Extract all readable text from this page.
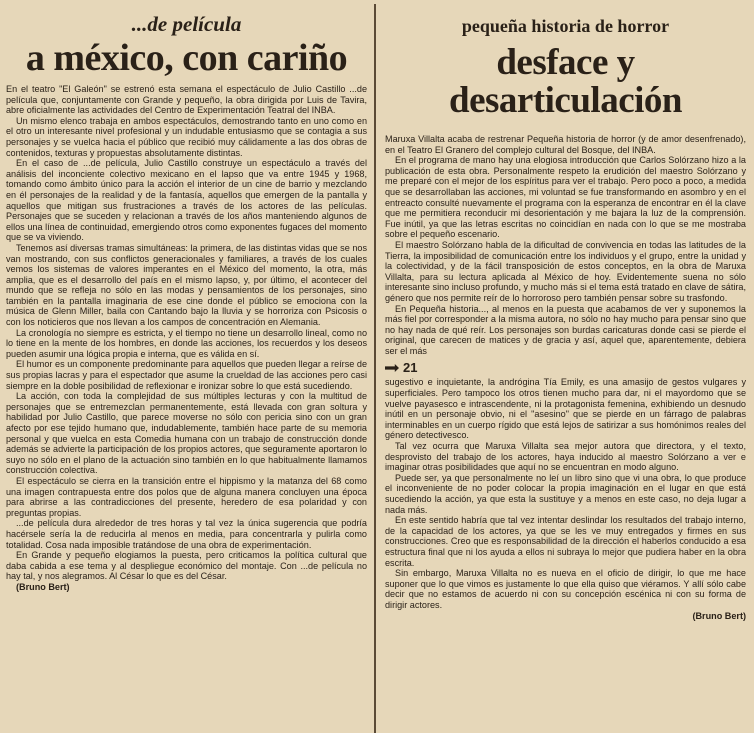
...de película
a méxico, con cariño

En el teatro "El Galeón" se estrenó esta semana el espectáculo de Julio Castillo ...de película que, conjuntamente con Grande y pequeño, la obra dirigida por Luis de Tavira, abre oficialmente las actividades del Centro de Experimentación Teatral del INBA.

Un mismo elenco trabaja en ambos espectáculos, demostrando tanto en uno como en el otro un interesante nivel profesional y un indudable entusiasmo que se contagia a sus personajes y se vuelca hacia el público que recibió muy cálidamente a las dos obras de contenidos, texturas y propuestas absolutamente distintas.

En el caso de ...de película, Julio Castillo construye un espectáculo a través del análisis del inconciente colectivo mexicano en el lapso que va entre 1945 y 1968, tomando como ámbito único para la acción el interior de un cine de barrio y mezclando en él personajes de la realidad y de la fantasía, aquellos que emergen de la pantalla y aquellos que mitigan sus frustraciones a través de los actores de las películas. Personajes que se suceden y relacionan a través de los años manteniendo algunos de ellos una línea de continuidad, emergiendo otros como exponentes fugaces del momento que se va viviendo.

Tenemos así diversas tramas simultáneas: la primera, de las distintas vidas que se nos van mostrando, con sus conflictos generacionales y familiares, a través de los cuales vemos los sistemas de valores imperantes en el México del momento, la otra, más amplia, que es el desarrollo del país en el mismo lapso, y, por último, el acontecer del mundo que se refleja no sólo en las modas y pensamientos de los personajes, sino también en la pantalla imaginaria de ese cine donde el público se emociona con la música de Glenn Miller, baila con Cantando bajo la lluvia y se horroriza con Psicosis o con los noticieros que nos llevan a los campos de concentración en Alemania.

La cronología no siempre es estricta, y el tiempo no tiene un desarrollo lineal, como no lo tiene en la mente de los hombres, en donde las acciones, los recuerdos y los deseos pueden asumir una lógica propia e interna, que es válida en sí.

El humor es un componente predominante para aquellos que pueden llegar a reírse de sus propias lacras y para el espectador que asume la crueldad de las acciones pero casi siempre en la doble posibilidad de reflexionar e ironizar sobre lo que está sucediendo.

La acción, con toda la complejidad de sus múltiples lecturas y con la multitud de personajes que se entremezclan permanentemente, está llevada con gran soltura y habilidad por Julio Castillo, que parece moverse no sólo con pericia sino con un gran afecto por ese tejido humano que, indudablemente, también hace parte de su memoria personal y que vuelca en esta Comedia humana con un trabajo de construcción donde además se advierte la participación de los propios actores, que seguramente aportaron lo suyo no sólo en el plano de la actuación sino también en lo que habitualmente llamamos construcción colectiva.

El espectáculo se cierra en la transición entre el hippismo y la matanza del 68 como una imagen contrapuesta entre dos polos que de alguna manera concluyen una época para abrirse a las contradicciones del presente, heredero de esa polaridad y con preguntas propias.

...de película dura alrededor de tres horas y tal vez la única sugerencia que podría hacérsele sería la de reducirla al menos en media, para concentrarla y pulirla como totalidad. Cosa nada imposible tratándose de una obra de experimentación.

En Grande y pequeño elogiamos la puesta, pero criticamos la política cultural que daba cabida a ese tema y al despliegue económico del montaje. Con ...de película no hay tal, y nos alegramos. Al César lo que es del César.

(Bruno Bert)

pequeña historia de horror
desface y
desarticulación

Maruxa Villalta acaba de restrenar Pequeña historia de horror (y de amor desenfrenado), en el Teatro El Granero del complejo cultural del Bosque, del INBA.

En el programa de mano hay una elogiosa introducción que Carlos Solórzano hizo a la publicación de esta obra. Personalmente respeto la erudición del maestro Solórzano y me preparé con el mejor de los espíritus para ver el trabajo. Pero poco a poco, a medida que se desarrollaban las acciones, mi voluntad se fue transformando en asombro y en el entreacto consulté nuevamente el programa con la esperanza de encontrar en él la clave que me permitiera reconducir mi desorientación y me bajara la luz de la comprensión. Fue inútil, ya que las letras escritas no coincidían en nada con lo que se me mostraba sobre el pequeño escenario.

El maestro Solórzano habla de la dificultad de convivencia en todas las latitudes de la Tierra, la imposibilidad de comunicación entre los individuos y el grupo, entre la unidad y la colectividad, y de la fácil transposición de estos conceptos, en la obra de Maruxa Villalta, para su lectura aplicada al México de hoy. Evidentemente suena no sólo interesante sino incluso profundo, y mucho más si el tema está tratado en clave de sátira, género que nos permite reír de lo horroroso pero también pensar sobre su trasfondo.

En Pequeña historia..., al menos en la puesta que acabamos de ver y suponemos la más fiel por corresponder a la misma autora, no sólo no hay mucho para pensar sino que no hay nada de qué reír. Los personajes son burdas caricaturas donde casi se pierde el original, que carecen de matices y de gracia y así, aquel que, aparentemente, debiera ser el más

21

sugestivo e inquietante, la andrógina Tía Emily, es una amasijo de gestos vulgares y superficiales. Pero tampoco los otros tienen mucho para dar, ni el mayordomo que se vuelve payasesco e intrascendente, ni la protagonista femenina, exhibiendo un desnudo inútil en un personaje obvio, ni el "asesino" que se pierde en un fárrago de palabras interminables en un cuerpo rígido que está lejos de satirizar a sus homónimos reales del género detectivesco.

Tal vez ocurra que Maruxa Villalta sea mejor autora que directora, y el texto, desprovisto del trabajo de los actores, haya inducido al maestro Solórzano a ver e imaginar otras posibilidades que aquí no se encuentran en modo alguno.

Puede ser, ya que personalmente no leí un libro sino que vi una obra, lo que produce el inconveniente de no poder colocar la propia imaginación en el lugar en que está sucediendo la acción, ya que esta la sustituye y a menos en este caso, no deja lugar a nada más.

En este sentido habría que tal vez intentar deslindar los resultados del trabajo interno, de la capacidad de los actores, ya que se les ve muy entregados y firmes en sus construcciones. Creo que es responsabilidad de la dirección el haberlos conducido a esa estructura final que ni los ayuda a ellos ni subraya lo mejor que pudiera haber en la obra escrita.

Sin embargo, Maruxa Villalta no es nueva en el oficio de dirigir, lo que me hace suponer que lo que vimos es justamente lo que ella quiso que viéramos. Y allí sólo cabe decir que no estamos de acuerdo ni con su concepción escénica ni con su forma de dirigir actores.

(Bruno Bert)
